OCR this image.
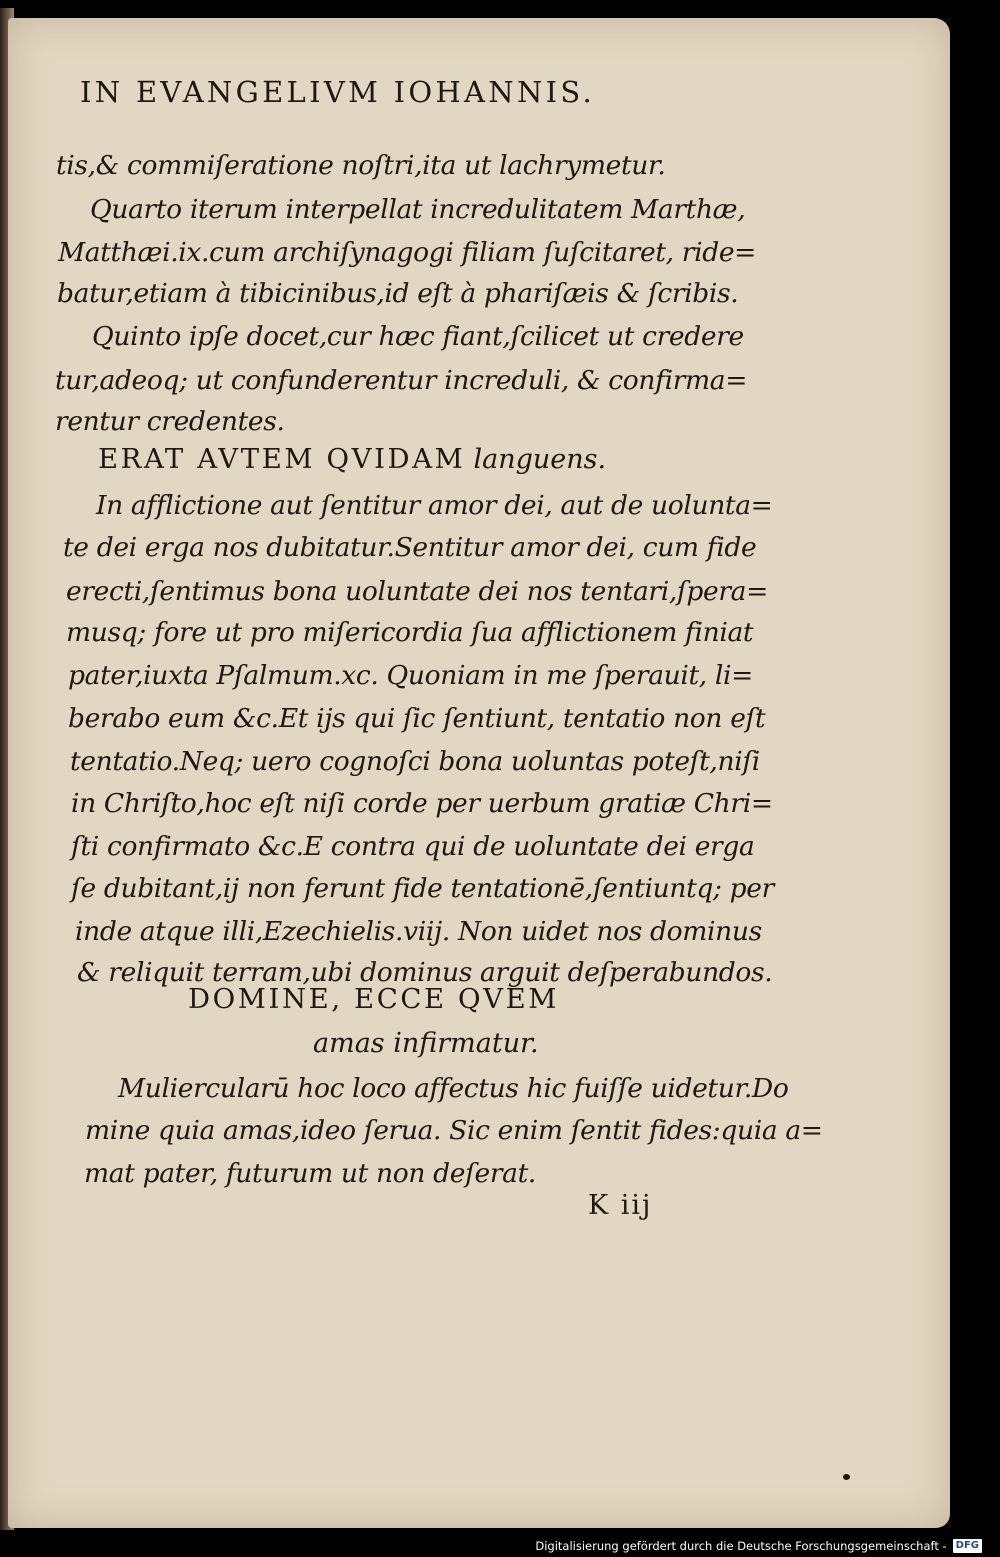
IN EVANGELIVM IOHANNIS.
tis,& commiſeratione noſtri,ita ut lachrymetur.
Quarto iterum interpellat incredulitatem Marthæ,
Matthæi.ix.cum archiſynagogi filiam ſuſcitaret, ride=
batur,etiam à tibicinibus,id eſt à phariſæis & ſcribis.
Quinto ipſe docet,cur hæc fiant,ſcilicet ut credere
tur,adeoq; ut confunderentur increduli, & confirma=
rentur credentes.
ERAT AVTEM QVIDAM languens.
In afflictione aut ſentitur amor dei, aut de uolunta=
te dei erga nos dubitatur.Sentitur amor dei, cum fide
erecti,ſentimus bona uoluntate dei nos tentari,ſpera=
musq; fore ut pro miſericordia ſua afflictionem finiat
pater,iuxta Pſalmum.xc. Quoniam in me ſperauit, li=
berabo eum &c.Et ijs qui ſic ſentiunt, tentatio non eſt
tentatio.Neq; uero cognoſci bona uoluntas poteſt,niſi
in Chriſto,hoc eſt niſi corde per uerbum gratiæ Chri=
ſti confirmato &c.E contra qui de uoluntate dei erga
ſe dubitant,ij non ferunt fide tentationē,ſentiuntq; per
inde atque illi,Ezechielis.viij. Non uidet nos dominus
& reliquit terram,ubi dominus arguit deſperabundos.
DOMINE, ECCE QVEM
amas infirmatur.
Muliercularū hoc loco affectus hic fuiſſe uidetur.Do
mine quia amas,ideo ſerua. Sic enim ſentit fides:quia a=
mat pater, futurum ut non deſerat.
K iij
Digitalisierung gefördert durch die Deutsche Forschungsgemeinschaft - DFG
